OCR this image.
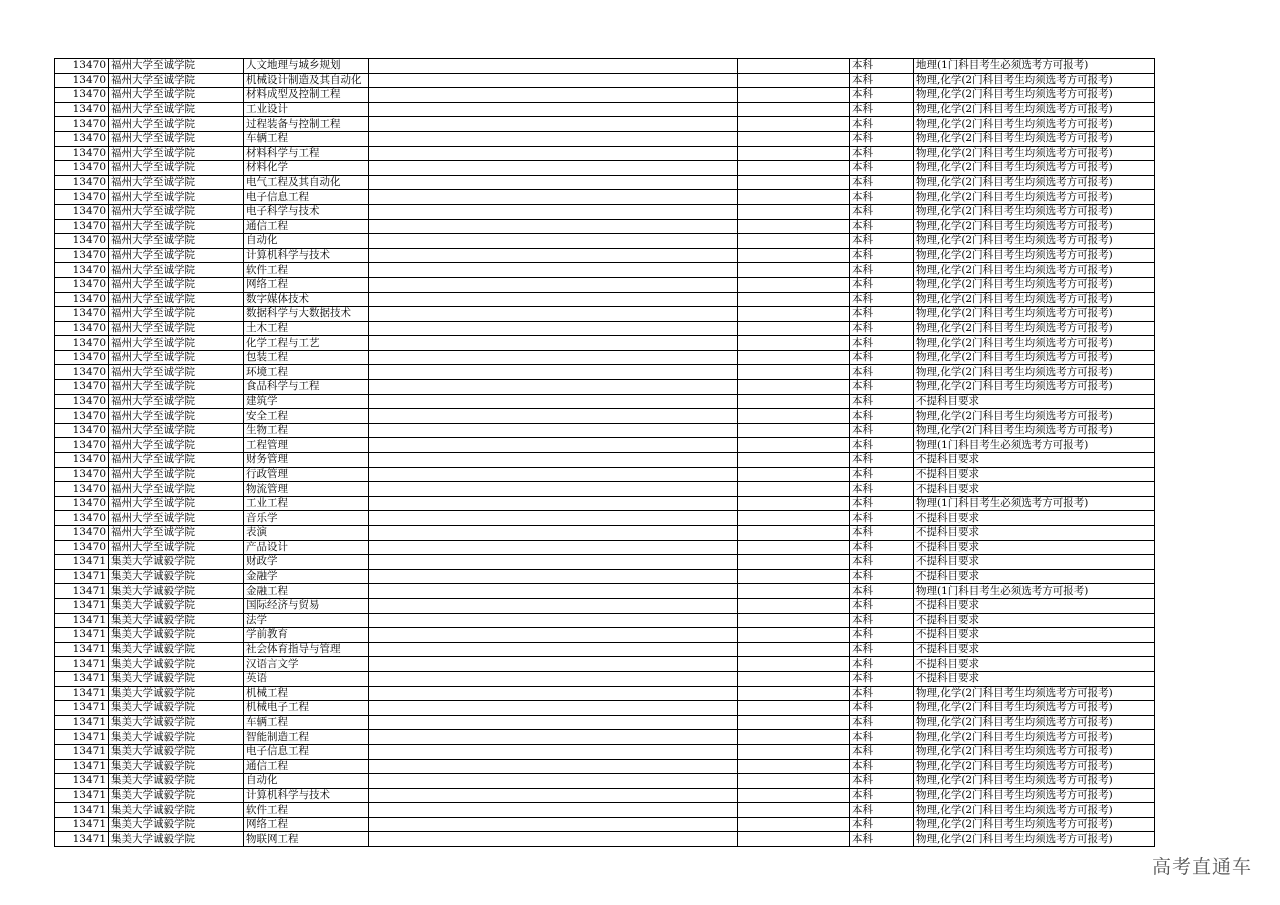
13470	福州大学至诚学院	人文地理与城乡规划			本科	地理(1门科目考生必须选考方可报考)
13470	福州大学至诚学院	机械设计制造及其自动化			本科	物理,化学(2门科目考生均须选考方可报考)
13470	福州大学至诚学院	材料成型及控制工程			本科	物理,化学(2门科目考生均须选考方可报考)
13470	福州大学至诚学院	工业设计			本科	物理,化学(2门科目考生均须选考方可报考)
13470	福州大学至诚学院	过程装备与控制工程			本科	物理,化学(2门科目考生均须选考方可报考)
13470	福州大学至诚学院	车辆工程			本科	物理,化学(2门科目考生均须选考方可报考)
13470	福州大学至诚学院	材料科学与工程			本科	物理,化学(2门科目考生均须选考方可报考)
13470	福州大学至诚学院	材料化学			本科	物理,化学(2门科目考生均须选考方可报考)
13470	福州大学至诚学院	电气工程及其自动化			本科	物理,化学(2门科目考生均须选考方可报考)
13470	福州大学至诚学院	电子信息工程			本科	物理,化学(2门科目考生均须选考方可报考)
13470	福州大学至诚学院	电子科学与技术			本科	物理,化学(2门科目考生均须选考方可报考)
13470	福州大学至诚学院	通信工程			本科	物理,化学(2门科目考生均须选考方可报考)
13470	福州大学至诚学院	自动化			本科	物理,化学(2门科目考生均须选考方可报考)
13470	福州大学至诚学院	计算机科学与技术			本科	物理,化学(2门科目考生均须选考方可报考)
13470	福州大学至诚学院	软件工程			本科	物理,化学(2门科目考生均须选考方可报考)
13470	福州大学至诚学院	网络工程			本科	物理,化学(2门科目考生均须选考方可报考)
13470	福州大学至诚学院	数字媒体技术			本科	物理,化学(2门科目考生均须选考方可报考)
13470	福州大学至诚学院	数据科学与大数据技术			本科	物理,化学(2门科目考生均须选考方可报考)
13470	福州大学至诚学院	土木工程			本科	物理,化学(2门科目考生均须选考方可报考)
13470	福州大学至诚学院	化学工程与工艺			本科	物理,化学(2门科目考生均须选考方可报考)
13470	福州大学至诚学院	包装工程			本科	物理,化学(2门科目考生均须选考方可报考)
13470	福州大学至诚学院	环境工程			本科	物理,化学(2门科目考生均须选考方可报考)
13470	福州大学至诚学院	食品科学与工程			本科	物理,化学(2门科目考生均须选考方可报考)
13470	福州大学至诚学院	建筑学			本科	不提科目要求
13470	福州大学至诚学院	安全工程			本科	物理,化学(2门科目考生均须选考方可报考)
13470	福州大学至诚学院	生物工程			本科	物理,化学(2门科目考生均须选考方可报考)
13470	福州大学至诚学院	工程管理			本科	物理(1门科目考生必须选考方可报考)
13470	福州大学至诚学院	财务管理			本科	不提科目要求
13470	福州大学至诚学院	行政管理			本科	不提科目要求
13470	福州大学至诚学院	物流管理			本科	不提科目要求
13470	福州大学至诚学院	工业工程			本科	物理(1门科目考生必须选考方可报考)
13470	福州大学至诚学院	音乐学			本科	不提科目要求
13470	福州大学至诚学院	表演			本科	不提科目要求
13470	福州大学至诚学院	产品设计			本科	不提科目要求
13471	集美大学诚毅学院	财政学			本科	不提科目要求
13471	集美大学诚毅学院	金融学			本科	不提科目要求
13471	集美大学诚毅学院	金融工程			本科	物理(1门科目考生必须选考方可报考)
13471	集美大学诚毅学院	国际经济与贸易			本科	不提科目要求
13471	集美大学诚毅学院	法学			本科	不提科目要求
13471	集美大学诚毅学院	学前教育			本科	不提科目要求
13471	集美大学诚毅学院	社会体育指导与管理			本科	不提科目要求
13471	集美大学诚毅学院	汉语言文学			本科	不提科目要求
13471	集美大学诚毅学院	英语			本科	不提科目要求
13471	集美大学诚毅学院	机械工程			本科	物理,化学(2门科目考生均须选考方可报考)
13471	集美大学诚毅学院	机械电子工程			本科	物理,化学(2门科目考生均须选考方可报考)
13471	集美大学诚毅学院	车辆工程			本科	物理,化学(2门科目考生均须选考方可报考)
13471	集美大学诚毅学院	智能制造工程			本科	物理,化学(2门科目考生均须选考方可报考)
13471	集美大学诚毅学院	电子信息工程			本科	物理,化学(2门科目考生均须选考方可报考)
13471	集美大学诚毅学院	通信工程			本科	物理,化学(2门科目考生均须选考方可报考)
13471	集美大学诚毅学院	自动化			本科	物理,化学(2门科目考生均须选考方可报考)
13471	集美大学诚毅学院	计算机科学与技术			本科	物理,化学(2门科目考生均须选考方可报考)
13471	集美大学诚毅学院	软件工程			本科	物理,化学(2门科目考生均须选考方可报考)
13471	集美大学诚毅学院	网络工程			本科	物理,化学(2门科目考生均须选考方可报考)
13471	集美大学诚毅学院	物联网工程			本科	物理,化学(2门科目考生均须选考方可报考)
高考直通车
